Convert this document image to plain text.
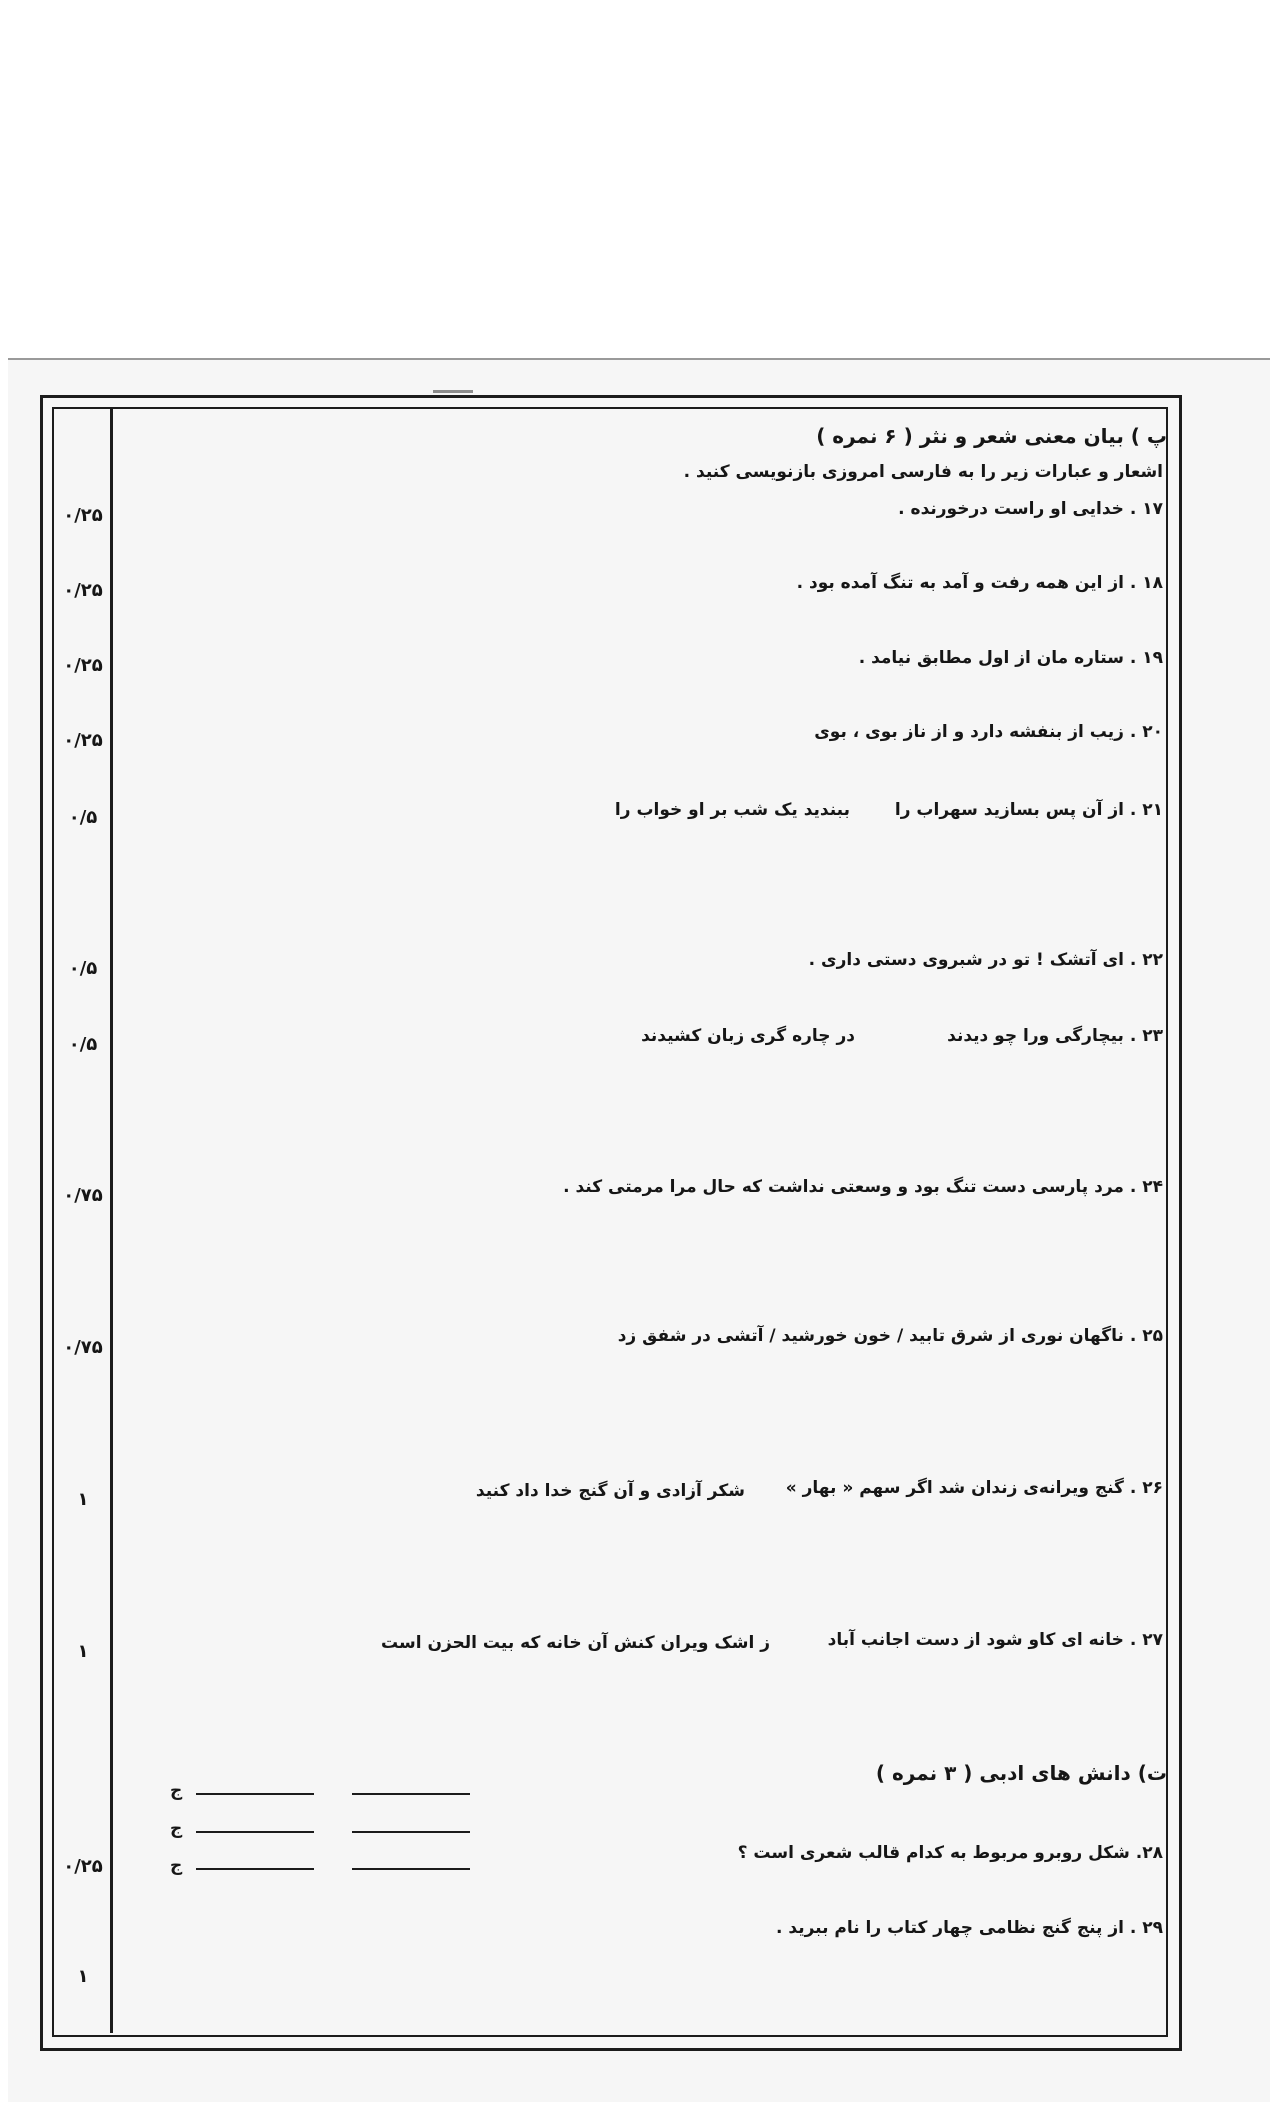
پ ) بیان معنی شعر و نثر ( ۶ نمره )
اشعار و عبارات زیر را به فارسی امروزی بازنویسی کنید .
۱۷ . خدایی او راست درخورنده .
۰/۲۵
۱۸ . از این همه رفت و آمد به تنگ آمده بود .
۰/۲۵
۱۹ . ستاره مان از اول مطابق نیامد .
۰/۲۵
۲۰ . زیب از بنفشه دارد و از ناز بوی ، بوی
۰/۲۵
۲۱ . از آن پس بسازید سهراب را
ببندید یک شب بر او خواب را
۰/۵
۲۲ . ای آتشک ! تو در شبروی دستی داری .
۰/۵
۲۳ . بیچارگی ورا چو دیدند
در چاره گری زبان کشیدند
۰/۵
۲۴ . مرد پارسی دست تنگ بود و وسعتی نداشت که حال مرا مرمتی کند .
۰/۷۵
۲۵ . ناگهان نوری از شرق تابید / خون خورشید / آتشی در شفق زد
۰/۷۵
۲۶ . گنج ویرانه‌ی زندان شد اگر سهم « بهار »
شکر آزادی و آن گنج خدا داد کنید
۱
۲۷ . خانه ای کاو شود از دست اجانب آباد
ز اشک ویران کنش آن خانه که بیت الحزن است
۱
ت) دانش های ادبی ( ۳ نمره )
ج
ج
ج
۲۸. شکل روبرو مربوط به کدام قالب شعری است ؟
۰/۲۵
۲۹ . از پنج گنج نظامی چهار کتاب را نام ببرید .
۱
